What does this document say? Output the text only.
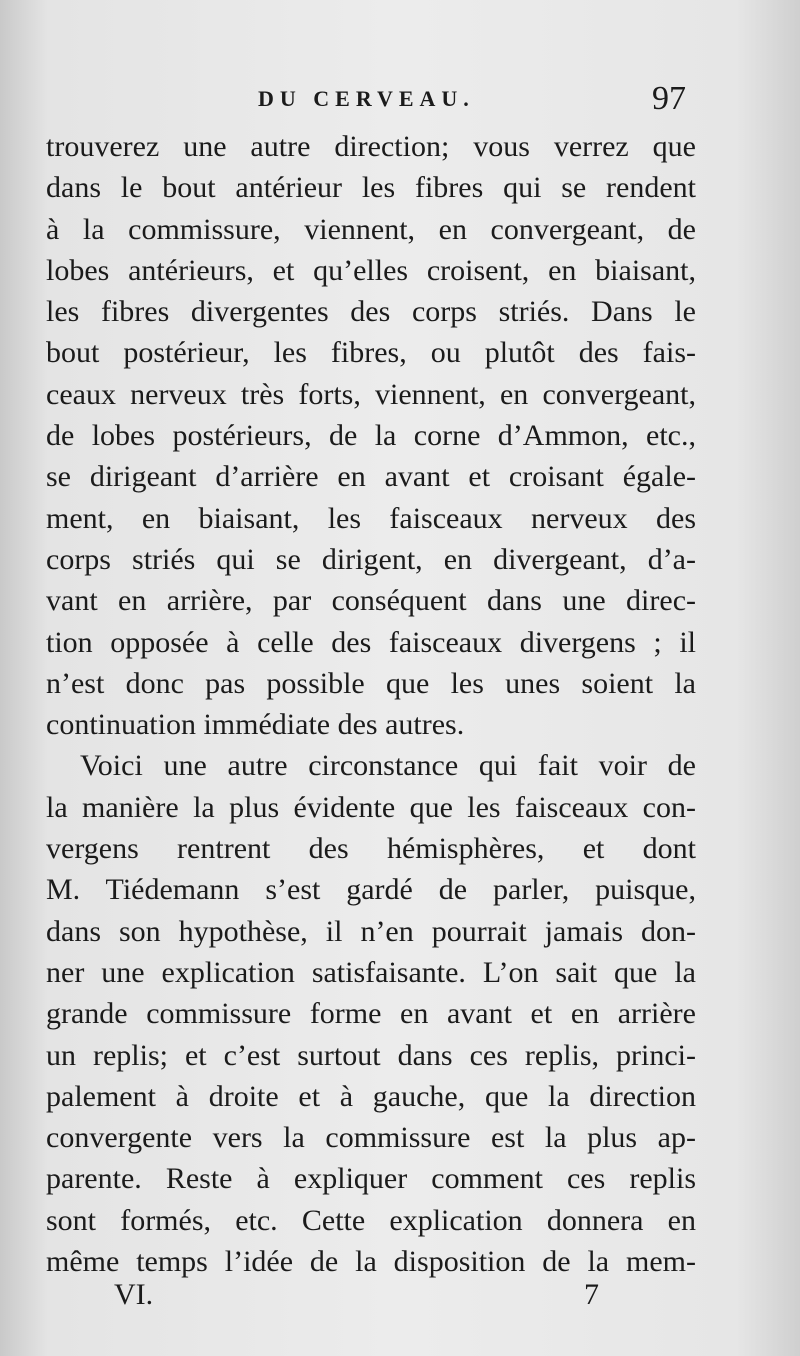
DU CERVEAU.	97
trouverez une autre direction; vous verrez que
dans le bout antérieur les fibres qui se rendent
à la commissure, viennent, en convergeant, de
lobes antérieurs, et qu’elles croisent, en biaisant,
les fibres divergentes des corps striés. Dans le
bout postérieur, les fibres, ou plutôt des fais-
ceaux nerveux très forts, viennent, en convergeant,
de lobes postérieurs, de la corne d’Ammon, etc.,
se dirigeant d’arrière en avant et croisant égale-
ment, en biaisant, les faisceaux nerveux des
corps striés qui se dirigent, en divergeant, d’a-
vant en arrière, par conséquent dans une direc-
tion opposée à celle des faisceaux divergens ; il
n’est donc pas possible que les unes soient la
continuation immédiate des autres.
Voici une autre circonstance qui fait voir de
la manière la plus évidente que les faisceaux con-
vergens rentrent des hémisphères, et dont
M. Tiédemann s’est gardé de parler, puisque,
dans son hypothèse, il n’en pourrait jamais don-
ner une explication satisfaisante. L’on sait que la
grande commissure forme en avant et en arrière
un replis; et c’est surtout dans ces replis, princi-
palement à droite et à gauche, que la direction
convergente vers la commissure est la plus ap-
parente. Reste à expliquer comment ces replis
sont formés, etc. Cette explication donnera en
même temps l’idée de la disposition de la mem-
VI.	7
